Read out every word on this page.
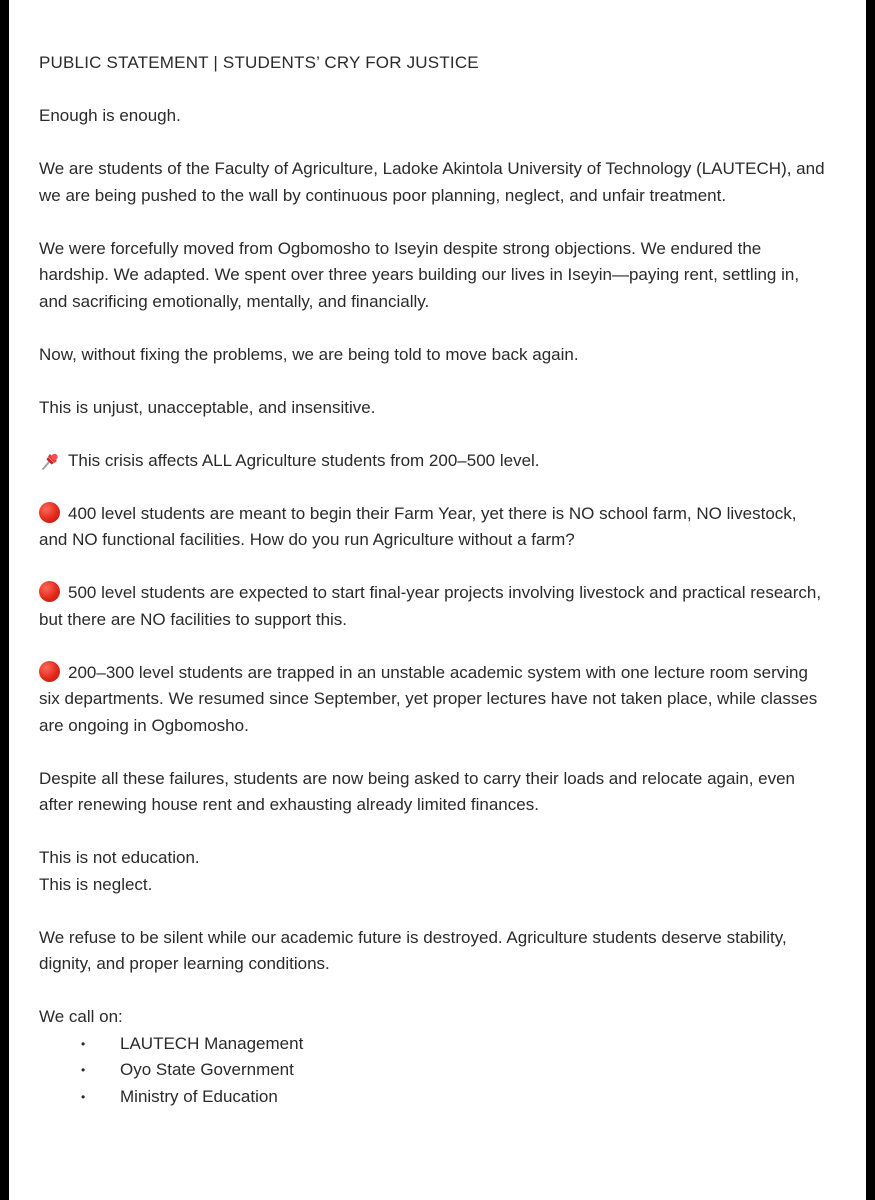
PUBLIC STATEMENT | STUDENTS’ CRY FOR JUSTICE

Enough is enough.

We are students of the Faculty of Agriculture, Ladoke Akintola University of Technology (LAUTECH), and we are being pushed to the wall by continuous poor planning, neglect, and unfair treatment.

We were forcefully moved from Ogbomosho to Iseyin despite strong objections. We endured the hardship. We adapted. We spent over three years building our lives in Iseyin—paying rent, settling in, and sacrificing emotionally, mentally, and financially.

Now, without fixing the problems, we are being told to move back again.

This is unjust, unacceptable, and insensitive.

This crisis affects ALL Agriculture students from 200–500 level.

400 level students are meant to begin their Farm Year, yet there is NO school farm, NO livestock, and NO functional facilities. How do you run Agriculture without a farm?

500 level students are expected to start final-year projects involving livestock and practical research, but there are NO facilities to support this.

200–300 level students are trapped in an unstable academic system with one lecture room serving six departments. We resumed since September, yet proper lectures have not taken place, while classes are ongoing in Ogbomosho.

Despite all these failures, students are now being asked to carry their loads and relocate again, even after renewing house rent and exhausting already limited finances.

This is not education.

This is neglect.

We refuse to be silent while our academic future is destroyed. Agriculture students deserve stability, dignity, and proper learning conditions.

We call on:

• LAUTECH Management
• Oyo State Government
• Ministry of Education
